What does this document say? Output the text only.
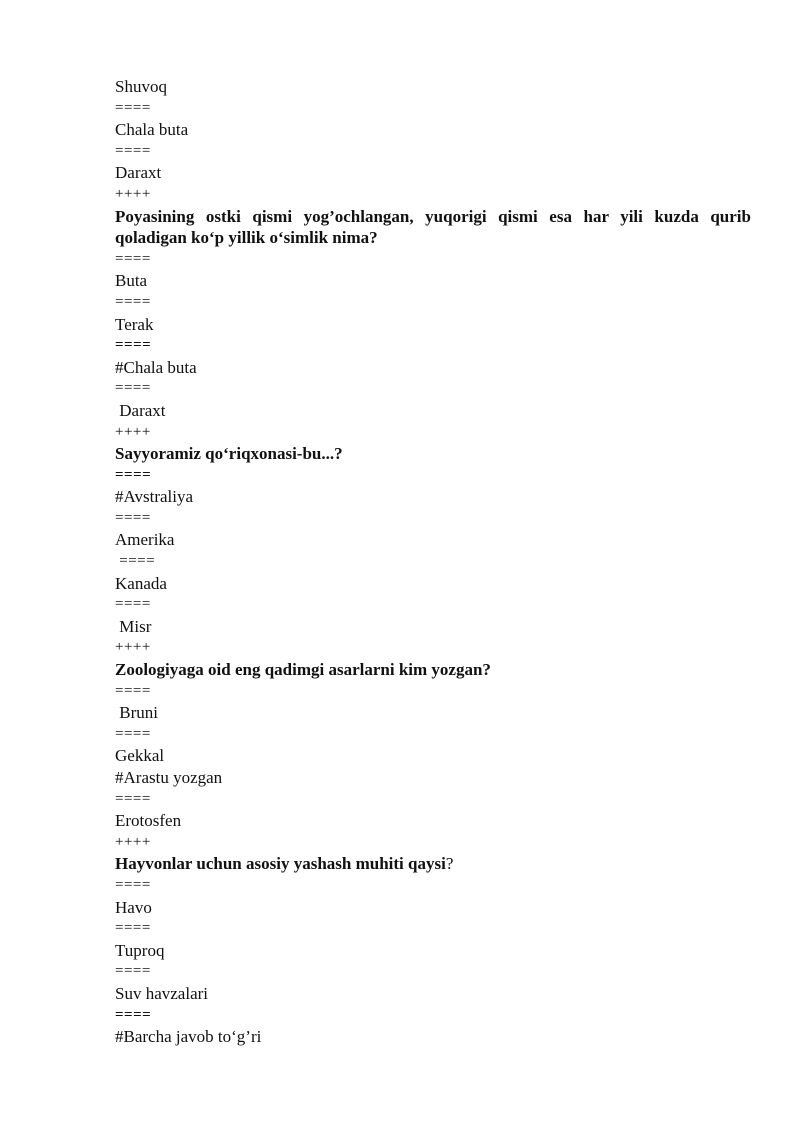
Shuvoq
====
Chala buta
====
Daraxt
++++

Poyasining ostki qismi yog’ochlangan, yuqorigi qismi esa har yili kuzda qurib qoladigan ko‘p yillik o‘simlik nima?

====
Buta
====
Terak
====
#Chala buta
====
Daraxt
++++
Sayyoramiz qo‘riqxonasi-bu...?
====
#Avstraliya
====
Amerika
====
Kanada
====
Misr
++++
Zoologiyaga oid eng qadimgi asarlarni kim yozgan?
====
Bruni
====
Gekkal
#Arastu yozgan
====
Erotosfen
++++
Hayvonlar uchun asosiy yashash muhiti qaysi?
====
Havo
====
Tuproq
====
Suv havzalari
====
#Barcha javob to‘g’ri
